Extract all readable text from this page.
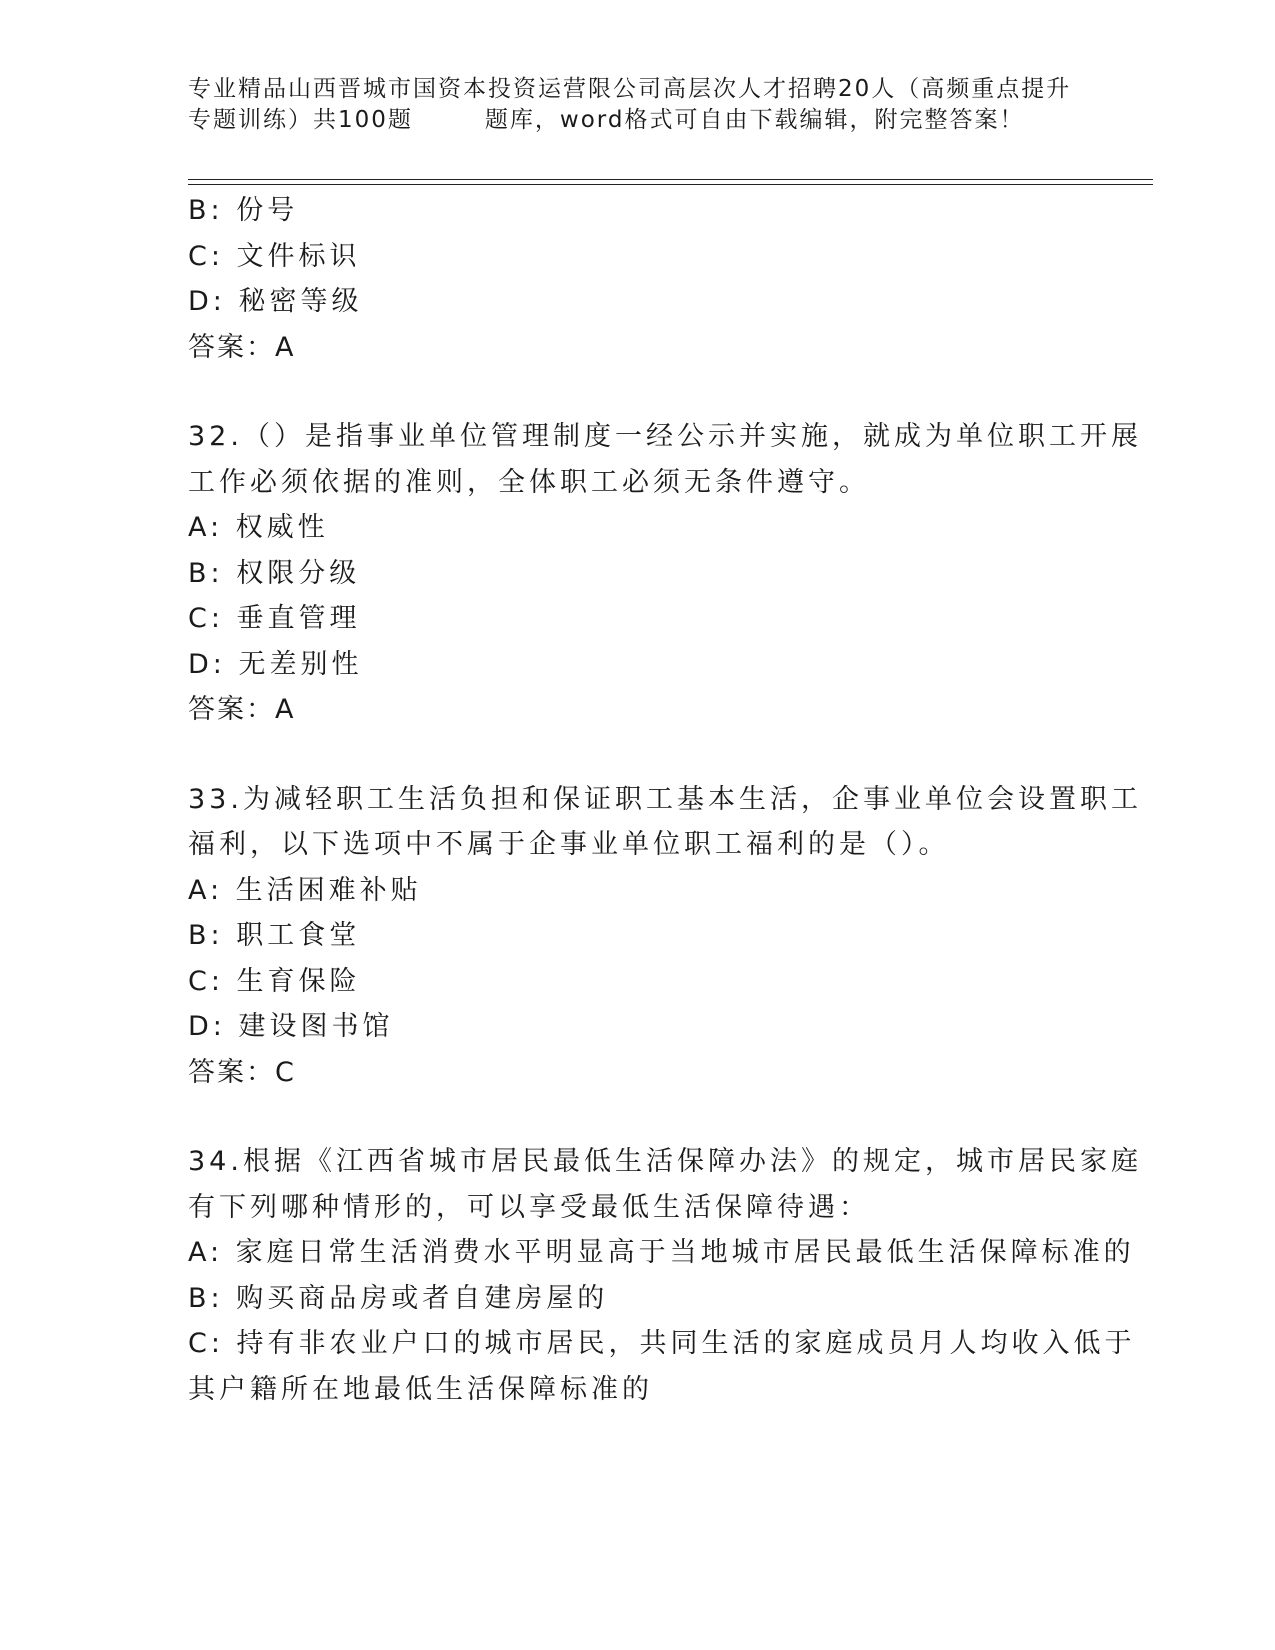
专业精品山西晋城市国资本投资运营限公司高层次人才招聘20人（高频重点提升
专题训练）共100题	题库，word格式可自由下载编辑，附完整答案！
B: 份号
C: 文件标识
D: 秘密等级
答案：A
32.（）是指事业单位管理制度一经公示并实施，就成为单位职工开展
工作必须依据的准则，全体职工必须无条件遵守。
A: 权威性
B: 权限分级
C: 垂直管理
D: 无差别性
答案：A
33.为减轻职工生活负担和保证职工基本生活，企事业单位会设置职工
福利，以下选项中不属于企事业单位职工福利的是（）。
A: 生活困难补贴
B: 职工食堂
C: 生育保险
D: 建设图书馆
答案：C
34.根据《江西省城市居民最低生活保障办法》的规定，城市居民家庭
有下列哪种情形的，可以享受最低生活保障待遇：
A: 家庭日常生活消费水平明显高于当地城市居民最低生活保障标准的
B: 购买商品房或者自建房屋的
C: 持有非农业户口的城市居民，共同生活的家庭成员月人均收入低于
其户籍所在地最低生活保障标准的
